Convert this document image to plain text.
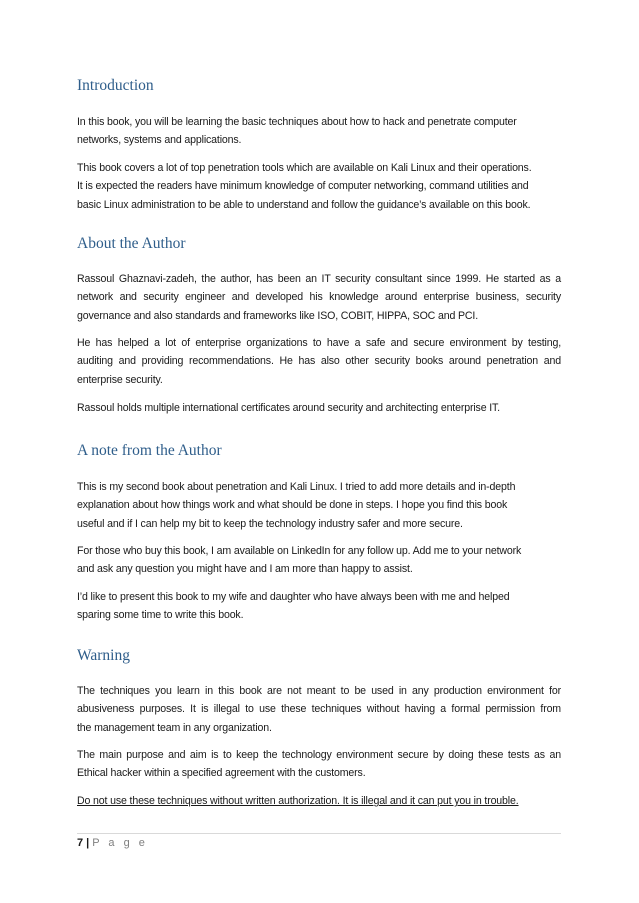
Introduction

In this book, you will be learning the basic techniques about how to hack and penetrate computer
networks, systems and applications.

This book covers a lot of top penetration tools which are available on Kali Linux and their operations.
It is expected the readers have minimum knowledge of computer networking, command utilities and
basic Linux administration to be able to understand and follow the guidance’s available on this book.

About the Author

Rassoul Ghaznavi-zadeh, the author, has been an IT security consultant since 1999. He started as a
network and security engineer and developed his knowledge around enterprise business, security
governance and also standards and frameworks like ISO, COBIT, HIPPA, SOC and PCI.

He has helped a lot of enterprise organizations to have a safe and secure environment by testing,
auditing and providing recommendations. He has also other security books around penetration and
enterprise security.

Rassoul holds multiple international certificates around security and architecting enterprise IT.

A note from the Author

This is my second book about penetration and Kali Linux. I tried to add more details and in-depth
explanation about how things work and what should be done in steps. I hope you find this book
useful and if I can help my bit to keep the technology industry safer and more secure.

For those who buy this book, I am available on LinkedIn for any follow up. Add me to your network
and ask any question you might have and I am more than happy to assist.

I’d like to present this book to my wife and daughter who have always been with me and helped
sparing some time to write this book.

Warning

The techniques you learn in this book are not meant to be used in any production environment for
abusiveness purposes. It is illegal to use these techniques without having a formal permission from
the management team in any organization.

The main purpose and aim is to keep the technology environment secure by doing these tests as an
Ethical hacker within a specified agreement with the customers.

Do not use these techniques without written authorization. It is illegal and it can put you in trouble.

7 | P a g e
